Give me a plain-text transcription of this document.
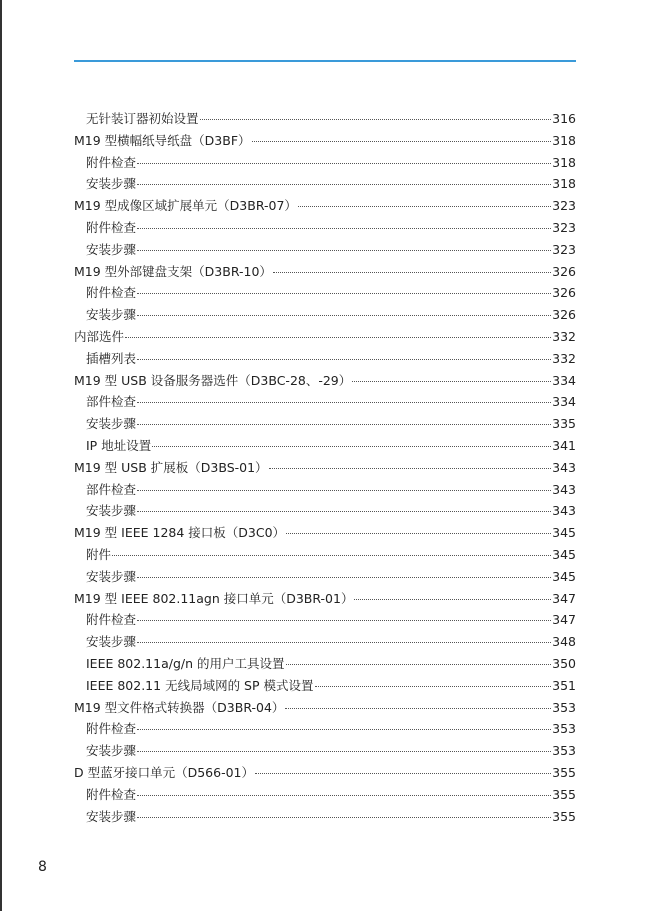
无针装订器初始设置	316
M19 型横幅纸导纸盘（D3BF）	318
附件检查	318
安装步骤	318
M19 型成像区域扩展单元（D3BR-07）	323
附件检查	323
安装步骤	323
M19 型外部键盘支架（D3BR-10）	326
附件检查	326
安装步骤	326
内部选件	332
插槽列表	332
M19 型 USB 设备服务器选件（D3BC-28、-29）	334
部件检查	334
安装步骤	335
IP 地址设置	341
M19 型 USB 扩展板（D3BS-01）	343
部件检查	343
安装步骤	343
M19 型 IEEE 1284 接口板（D3C0）	345
附件	345
安装步骤	345
M19 型 IEEE 802.11agn 接口单元（D3BR-01）	347
附件检查	347
安装步骤	348
IEEE 802.11a/g/n 的用户工具设置	350
IEEE 802.11 无线局域网的 SP 模式设置	351
M19 型文件格式转换器（D3BR-04）	353
附件检查	353
安装步骤	353
D 型蓝牙接口单元（D566-01）	355
附件检查	355
安装步骤	355
8
